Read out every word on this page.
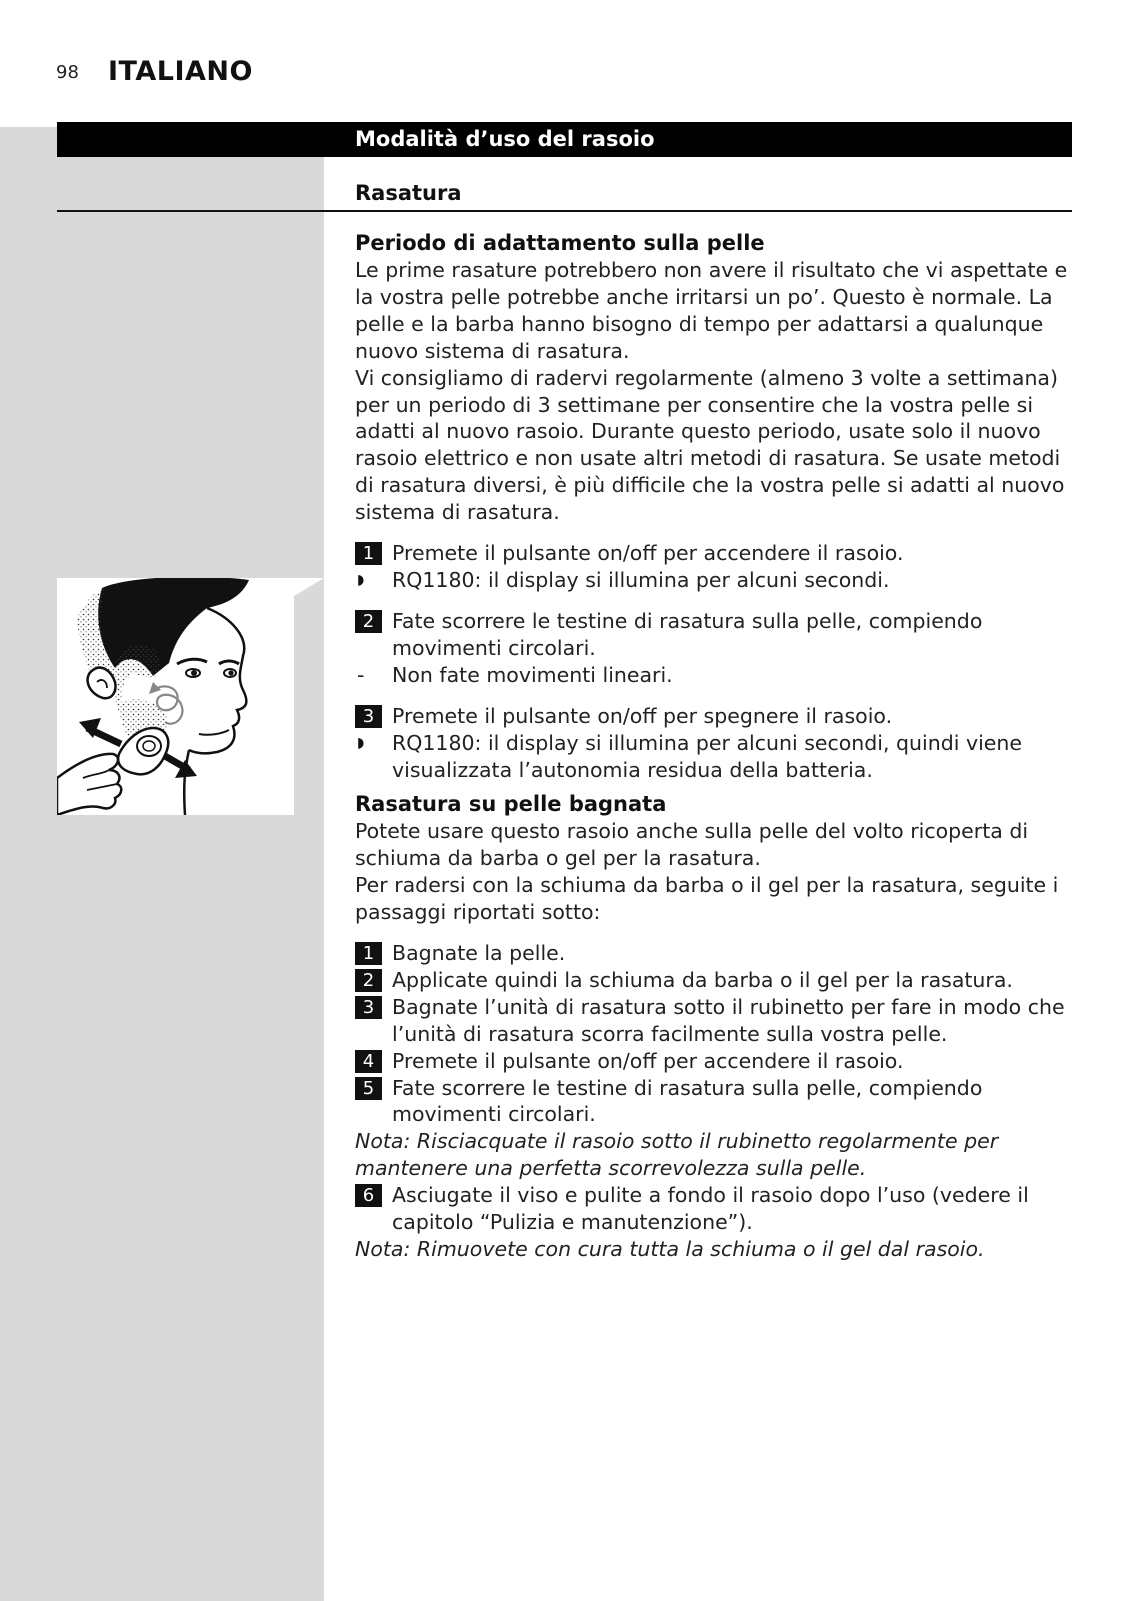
98 ITALIANO
Modalità d’uso del rasoio
Rasatura
Periodo di adattamento sulla pelle

Le prime rasature potrebbero non avere il risultato che vi aspettate e la vostra pelle potrebbe anche irritarsi un po’. Questo è normale. La pelle e la barba hanno bisogno di tempo per adattarsi a qualunque nuovo sistema di rasatura.

Vi consigliamo di radervi regolarmente (almeno 3 volte a settimana) per un periodo di 3 settimane per consentire che la vostra pelle si adatti al nuovo rasoio. Durante questo periodo, usate solo il nuovo rasoio elettrico e non usate altri metodi di rasatura. Se usate metodi di rasatura diversi, è più difficile che la vostra pelle si adatti al nuovo sistema di rasatura.

1 Premete il pulsante on/off per accendere il rasoio.
◗	RQ1180: il display si illumina per alcuni secondi.
2 Fate scorrere le testine di rasatura sulla pelle, compiendo movimenti circolari.
-	Non fate movimenti lineari.
3 Premete il pulsante on/off per spegnere il rasoio.
◗	RQ1180: il display si illumina per alcuni secondi, quindi viene visualizzata l’autonomia residua della batteria.
Rasatura su pelle bagnata

Potete usare questo rasoio anche sulla pelle del volto ricoperta di schiuma da barba o gel per la rasatura.

Per radersi con la schiuma da barba o il gel per la rasatura, seguite i passaggi riportati sotto:

1 Bagnate la pelle.
2 Applicate quindi la schiuma da barba o il gel per la rasatura.
3 Bagnate l’unità di rasatura sotto il rubinetto per fare in modo che l’unità di rasatura scorra facilmente sulla vostra pelle.
4 Premete il pulsante on/off per accendere il rasoio.
5 Fate scorrere le testine di rasatura sulla pelle, compiendo movimenti circolari.

Nota: Risciacquate il rasoio sotto il rubinetto regolarmente per mantenere una perfetta scorrevolezza sulla pelle.

6 Asciugate il viso e pulite a fondo il rasoio dopo l’uso (vedere il capitolo “Pulizia e manutenzione”).

Nota: Rimuovete con cura tutta la schiuma o il gel dal rasoio.
